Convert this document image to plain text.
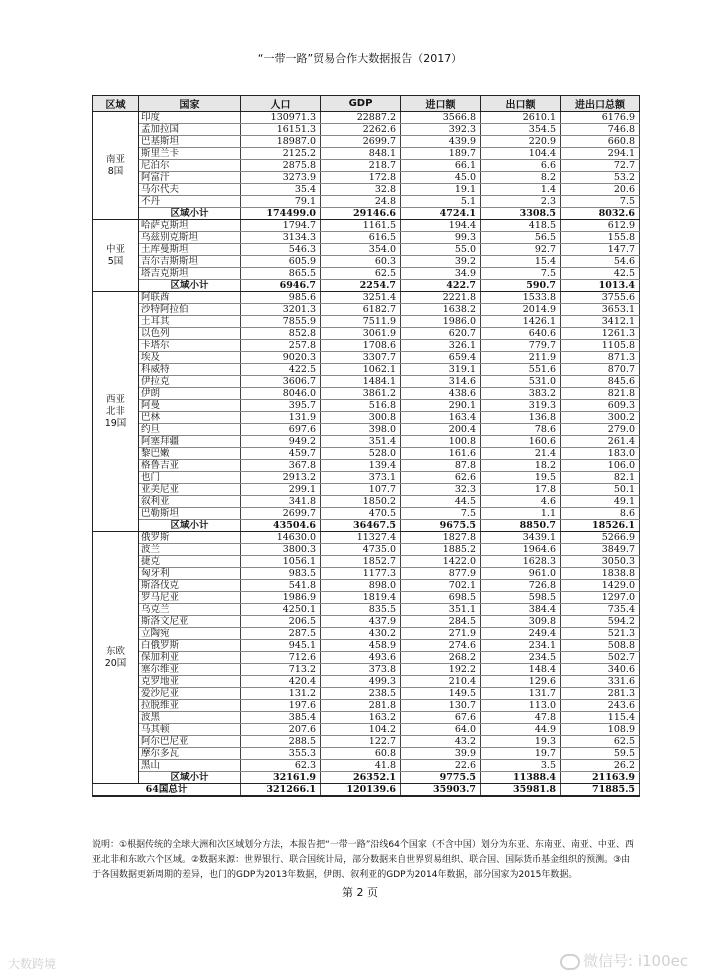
“一带一路”贸易合作大数据报告（2017）
区域	国家	人口	GDP	进口额	出口额	进出口总额
南亚
8国	印度	130971.3	22887.2	3566.8	2610.1	6176.9
	孟加拉国	16151.3	2262.6	392.3	354.5	746.8
	巴基斯坦	18987.0	2699.7	439.9	220.9	660.8
	斯里兰卡	2125.2	848.1	189.7	104.4	294.1
	尼泊尔	2875.8	218.7	66.1	6.6	72.7
	阿富汗	3273.9	172.8	45.0	8.2	53.2
	马尔代夫	35.4	32.8	19.1	1.4	20.6
	不丹	79.1	24.8	5.1	2.3	7.5
	区域小计	174499.0	29146.6	4724.1	3308.5	8032.6
中亚
5国	哈萨克斯坦	1794.7	1161.5	194.4	418.5	612.9
	乌兹别克斯坦	3134.3	616.5	99.3	56.5	155.8
	土库曼斯坦	546.3	354.0	55.0	92.7	147.7
	吉尔吉斯斯坦	605.9	60.3	39.2	15.4	54.6
	塔吉克斯坦	865.5	62.5	34.9	7.5	42.5
	区域小计	6946.7	2254.7	422.7	590.7	1013.4
西亚
北非
19国	阿联酋	985.6	3251.4	2221.8	1533.8	3755.6
	沙特阿拉伯	3201.3	6182.7	1638.2	2014.9	3653.1
	土耳其	7855.9	7511.9	1986.0	1426.1	3412.1
	以色列	852.8	3061.9	620.7	640.6	1261.3
	卡塔尔	257.8	1708.6	326.1	779.7	1105.8
	埃及	9020.3	3307.7	659.4	211.9	871.3
	科威特	422.5	1062.1	319.1	551.6	870.7
	伊拉克	3606.7	1484.1	314.6	531.0	845.6
	伊朗	8046.0	3861.2	438.6	383.2	821.8
	阿曼	395.7	516.8	290.1	319.3	609.3
	巴林	131.9	300.8	163.4	136.8	300.2
	约旦	697.6	398.0	200.4	78.6	279.0
	阿塞拜疆	949.2	351.4	100.8	160.6	261.4
	黎巴嫩	459.7	528.0	161.6	21.4	183.0
	格鲁吉亚	367.8	139.4	87.8	18.2	106.0
	也门	2913.2	373.1	62.6	19.5	82.1
	亚美尼亚	299.1	107.7	32.3	17.8	50.1
	叙利亚	341.8	1850.2	44.5	4.6	49.1
	巴勒斯坦	2699.7	470.5	7.5	1.1	8.6
	区域小计	43504.6	36467.5	9675.5	8850.7	18526.1
东欧
20国	俄罗斯	14630.0	11327.4	1827.8	3439.1	5266.9
	波兰	3800.3	4735.0	1885.2	1964.6	3849.7
	捷克	1056.1	1852.7	1422.0	1628.3	3050.3
	匈牙利	983.5	1177.3	877.9	961.0	1838.8
	斯洛伐克	541.8	898.0	702.1	726.8	1429.0
	罗马尼亚	1986.9	1819.4	698.5	598.5	1297.0
	乌克兰	4250.1	835.5	351.1	384.4	735.4
	斯洛文尼亚	206.5	437.9	284.5	309.8	594.2
	立陶宛	287.5	430.2	271.9	249.4	521.3
	白俄罗斯	945.1	458.9	274.6	234.1	508.8
	保加利亚	712.6	493.6	268.2	234.5	502.7
	塞尔维亚	713.2	373.8	192.2	148.4	340.6
	克罗地亚	420.4	499.3	210.4	129.6	331.6
	爱沙尼亚	131.2	238.5	149.5	131.7	281.3
	拉脱维亚	197.6	281.8	130.7	113.0	243.6
	波黑	385.4	163.2	67.6	47.8	115.4
	马其顿	207.6	104.2	64.0	44.9	108.9
	阿尔巴尼亚	288.5	122.7	43.2	19.3	62.5
	摩尔多瓦	355.3	60.8	39.9	19.7	59.5
	黑山	62.3	41.8	22.6	3.5	26.2
	区域小计	32161.9	26352.1	9775.5	11388.4	21163.9
64国总计		321266.1	120139.6	35903.7	35981.8	71885.5
说明：①根据传统的全球大洲和次区域划分方法，本报告把“一带一路”沿线64个国家（不含中国）划分为东亚、东南亚、南亚、中亚、西亚北非和东欧六个区域。②数据来源：世界银行、联合国统计局，部分数据来自世界贸易组织、联合国、国际货币基金组织的预测。③由于各国数据更新周期的差异，也门的GDP为2013年数据，伊朗、叙利亚的GDP为2014年数据，部分国家为2015年数据。
第 2 页
大数跨境	微信号: i100ec
